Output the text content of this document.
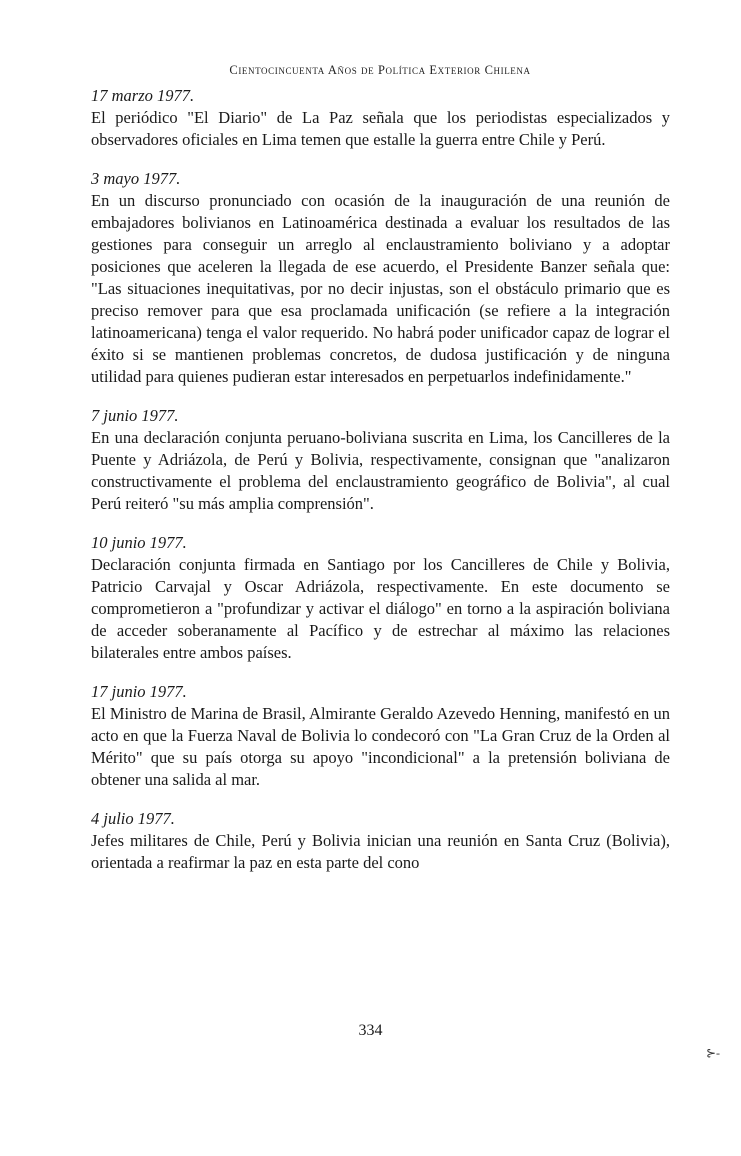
Cientocincuenta Años de Política Exterior Chilena

17 marzo 1977.

El periódico "El Diario" de La Paz señala que los periodistas especializados y observadores oficiales en Lima temen que estalle la guerra entre Chile y Perú.

3 mayo 1977.

En un discurso pronunciado con ocasión de la inauguración de una reunión de embajadores bolivianos en Latinoamérica destinada a evaluar los resultados de las gestiones para conseguir un arreglo al enclaustramiento boliviano y a adoptar posiciones que aceleren la llegada de ese acuerdo, el Presidente Banzer señala que: "Las situaciones inequitativas, por no decir injustas, son el obstáculo primario que es preciso remover para que esa proclamada unificación (se refiere a la integración latinoamericana) tenga el valor requerido. No habrá poder unificador capaz de lograr el éxito si se mantienen problemas concretos, de dudosa justificación y de ninguna utilidad para quienes pudieran estar interesados en perpetuarlos indefinidamente."

7 junio 1977.

En una declaración conjunta peruano-boliviana suscrita en Lima, los Cancilleres de la Puente y Adriázola, de Perú y Bolivia, respectivamente, consignan que "analizaron constructivamente el problema del enclaustramiento geográfico de Bolivia", al cual Perú reiteró "su más amplia comprensión".

10 junio 1977.

Declaración conjunta firmada en Santiago por los Cancilleres de Chile y Bolivia, Patricio Carvajal y Oscar Adriázola, respectivamente. En este documento se comprometieron a "profundizar y activar el diálogo" en torno a la aspiración boliviana de acceder soberanamente al Pacífico y de estrechar al máximo las relaciones bilaterales entre ambos países.

17 junio 1977.

El Ministro de Marina de Brasil, Almirante Geraldo Azevedo Henning, manifestó en un acto en que la Fuerza Naval de Bolivia lo condecoró con "La Gran Cruz de la Orden al Mérito" que su país otorga su apoyo "incondicional" a la pretensión boliviana de obtener una salida al mar.

4 julio 1977.

Jefes militares de Chile, Perú y Bolivia inician una reunión en Santa Cruz (Bolivia), orientada a reafirmar la paz en esta parte del cono

334
⊱-
